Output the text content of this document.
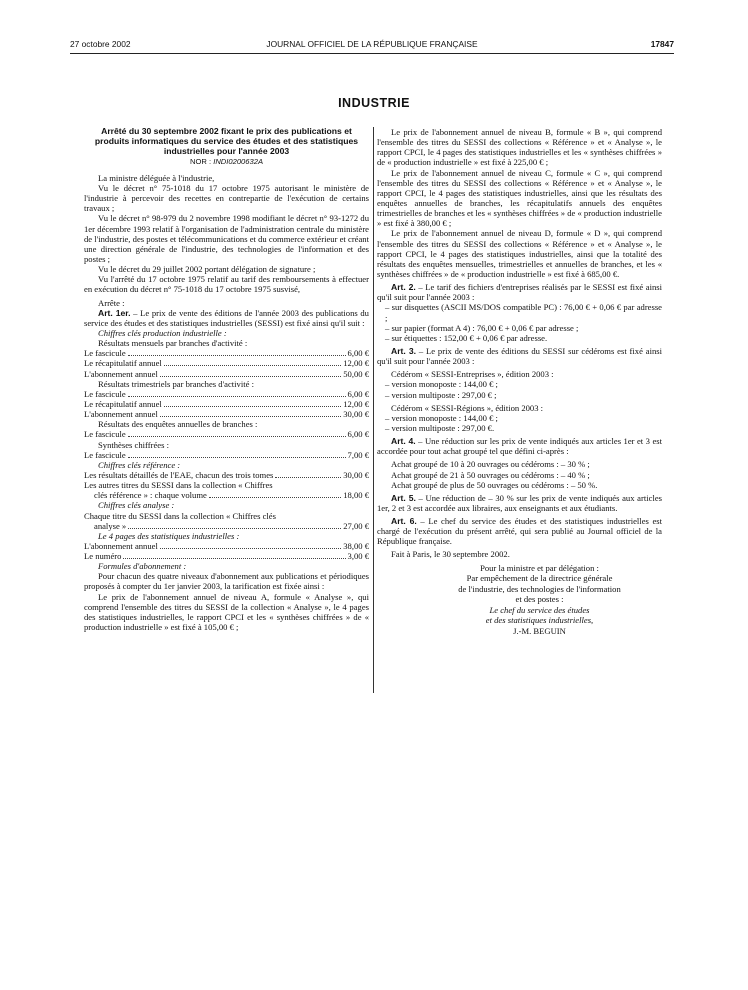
27 octobre 2002	JOURNAL OFFICIEL DE LA RÉPUBLIQUE FRANÇAISE	17847
INDUSTRIE

Arrêté du 30 septembre 2002 fixant le prix des publications et produits informatiques du service des études et des statistiques industrielles pour l'année 2003

NOR : INDI0200632A

La ministre déléguée à l'industrie,

Vu le décret n° 75-1018 du 17 octobre 1975 autorisant le ministère de l'industrie à percevoir des recettes en contrepartie de l'exécution de certains travaux ;

Vu le décret n° 98-979 du 2 novembre 1998 modifiant le décret n° 93-1272 du 1er décembre 1993 relatif à l'organisation de l'administration centrale du ministère de l'industrie, des postes et télécommunications et du commerce extérieur et créant une direction générale de l'industrie, des technologies de l'information et des postes ;

Vu le décret du 29 juillet 2002 portant délégation de signature ;

Vu l'arrêté du 17 octobre 1975 relatif au tarif des remboursements à effectuer en exécution du décret n° 75-1018 du 17 octobre 1975 susvisé,

Arrête :

Art. 1er. – Le prix de vente des éditions de l'année 2003 des publications du service des études et des statistiques industrielles (SESSI) est fixé ainsi qu'il suit :

Chiffres clés production industrielle :

Résultats mensuels par branches d'activité :

Le fascicule	6,00 €
Le récapitulatif annuel	12,00 €
L'abonnement annuel	50,00 €

Résultats trimestriels par branches d'activité :

Le fascicule	6,00 €
Le récapitulatif annuel	12,00 €
L'abonnement annuel	30,00 €

Résultats des enquêtes annuelles de branches :

Le fascicule	6,00 €

Synthèses chiffrées :

Le fascicule	7,00 €

Chiffres clés référence :

Les résultats détaillés de l'EAE, chacun des trois tomes	30,00 €

Les autres titres du SESSI dans la collection « Chiffres

clés référence » : chaque volume	18,00 €

Chiffres clés analyse :

Chaque titre du SESSI dans la collection « Chiffres clés

analyse »	27,00 €

Le 4 pages des statistiques industrielles :

L'abonnement annuel	38,00 €
Le numéro	3,00 €

Formules d'abonnement :

Pour chacun des quatre niveaux d'abonnement aux publications et périodiques proposés à compter du 1er janvier 2003, la tarification est fixée ainsi :

Le prix de l'abonnement annuel de niveau A, formule « Analyse », qui comprend l'ensemble des titres du SESSI de la collection « Analyse », le 4 pages des statistiques industrielles, le rapport CPCI et les « synthèses chiffrées » de « production industrielle » est fixé à 105,00 € ;

Le prix de l'abonnement annuel de niveau B, formule « B », qui comprend l'ensemble des titres du SESSI des collections « Référence » et « Analyse », le rapport CPCI, le 4 pages des statistiques industrielles et les « synthèses chiffrées » de « production industrielle » est fixé à 225,00 € ;

Le prix de l'abonnement annuel de niveau C, formule « C », qui comprend l'ensemble des titres du SESSI des collections « Référence » et « Analyse », le rapport CPCI, le 4 pages des statistiques industrielles, ainsi que les résultats des enquêtes annuelles de branches, les récapitulatifs annuels des enquêtes trimestrielles de branches et les « synthèses chiffrées » de « production industrielle » est fixé à 380,00 € ;

Le prix de l'abonnement annuel de niveau D, formule « D », qui comprend l'ensemble des titres du SESSI des collections « Référence » et « Analyse », le rapport CPCI, le 4 pages des statistiques industrielles, ainsi que la totalité des résultats des enquêtes mensuelles, trimestrielles et annuelles de branches, et les « synthèses chiffrées » de « production industrielle » est fixé à 685,00 €.

Art. 2. – Le tarif des fichiers d'entreprises réalisés par le SESSI est fixé ainsi qu'il suit pour l'année 2003 :

– sur disquettes (ASCII MS/DOS compatible PC) : 76,00 € + 0,06 € par adresse ;

– sur papier (format A 4) : 76,00 € + 0,06 € par adresse ;

– sur étiquettes : 152,00 € + 0,06 € par adresse.

Art. 3. – Le prix de vente des éditions du SESSI sur cédéroms est fixé ainsi qu'il suit pour l'année 2003 :

Cédérom « SESSI-Entreprises », édition 2003 :

– version monoposte : 144,00 € ;

– version multiposte : 297,00 € ;

Cédérom « SESSI-Régions », édition 2003 :

– version monoposte : 144,00 € ;

– version multiposte : 297,00 €.

Art. 4. – Une réduction sur les prix de vente indiqués aux articles 1er et 3 est accordée pour tout achat groupé tel que défini ci-après :

Achat groupé de 10 à 20 ouvrages ou cédéroms : – 30 % ;

Achat groupé de 21 à 50 ouvrages ou cédéroms : – 40 % ;

Achat groupé de plus de 50 ouvrages ou cédéroms : – 50 %.

Art. 5. – Une réduction de – 30 % sur les prix de vente indiqués aux articles 1er, 2 et 3 est accordée aux libraires, aux enseignants et aux étudiants.

Art. 6. – Le chef du service des études et des statistiques industrielles est chargé de l'exécution du présent arrêté, qui sera publié au Journal officiel de la République française.

Fait à Paris, le 30 septembre 2002.

Pour la ministre et par délégation :
Par empêchement de la directrice générale
de l'industrie, des technologies de l'information
et des postes :
Le chef du service des études
et des statistiques industrielles,
J.-M. BEGUIN
